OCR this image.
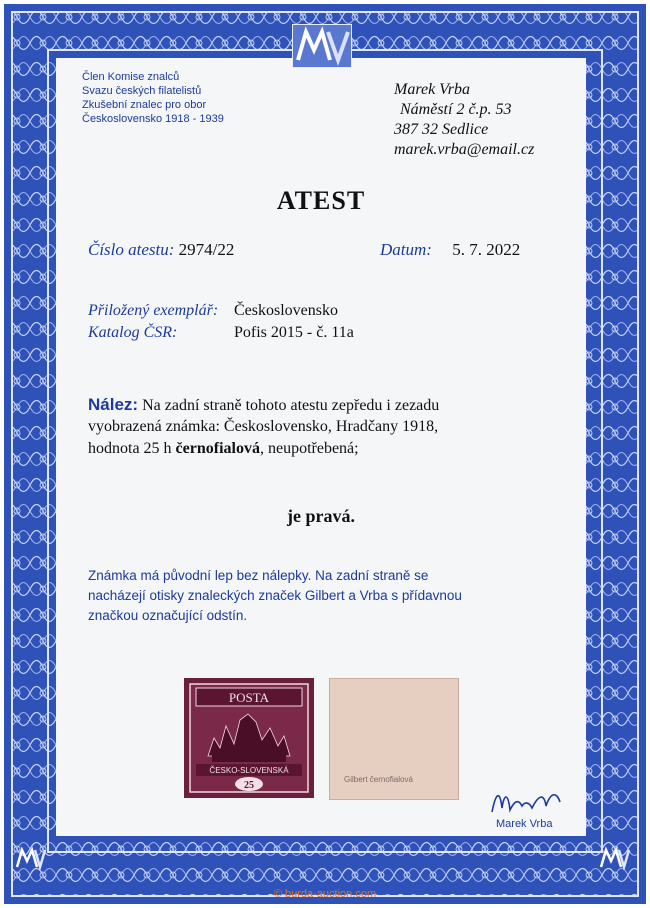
Člen Komise znalců
Svazu českých filatelistů
Zkušební znalec pro obor
Československo 1918 - 1939
Marek Vrba
Náměstí 2 č.p. 53
387 32 Sedlice
marek.vrba@email.cz
ATEST
Číslo atestu: 2974/22	Datum: 5. 7. 2022
Přiložený exemplář: Československo
Katalog ČSR:	Pofis 2015 - č. 11a
Nález: Na zadní straně tohoto atestu zepředu i zezadu
vyobrazená známka: Československo, Hradčany 1918,
hodnota 25 h černofialová, neupotřebená;
je pravá.
Známka má původní lep bez nálepky. Na zadní straně se
nacházejí otisky znaleckých značek Gilbert a Vrba s přídavnou
značkou označující odstín.
POSTA
ČESKO-SLOVENSKÁ
25
Gilbert černofialová
Marek Vrba
© burda-auction.com
